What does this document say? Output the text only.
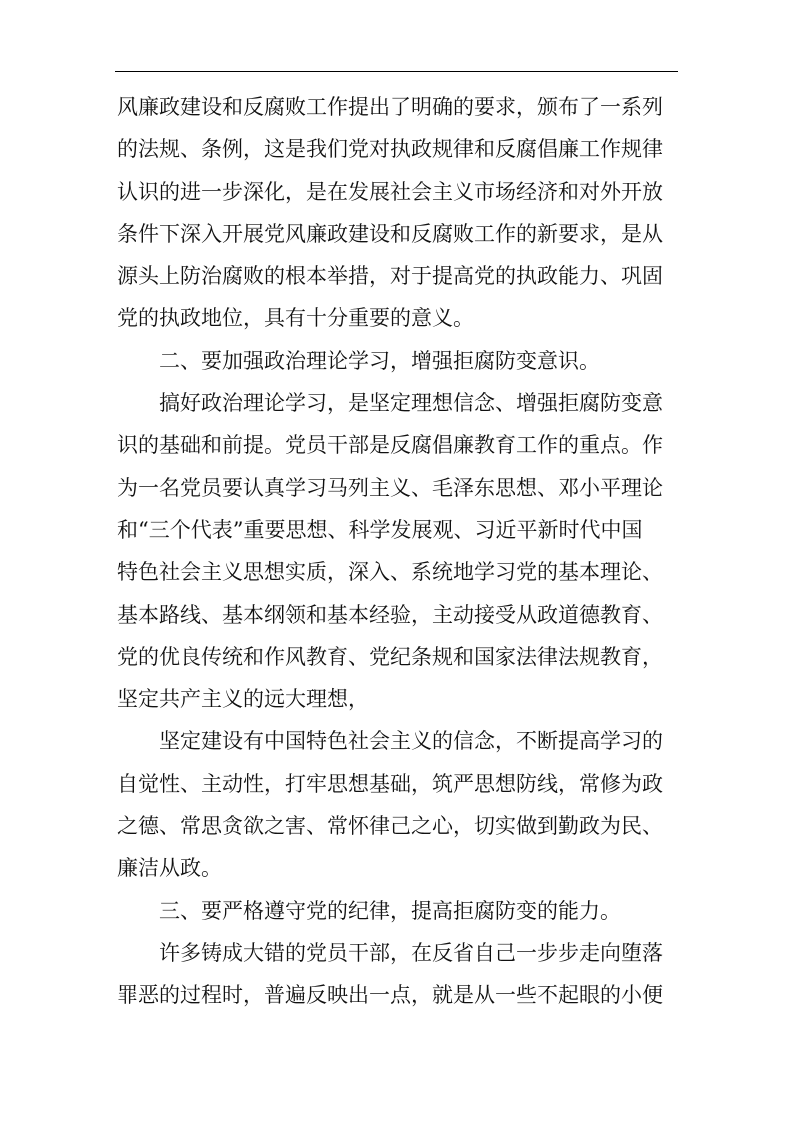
风廉政建设和反腐败工作提出了明确的要求，颁布了一系列
的法规、条例，这是我们党对执政规律和反腐倡廉工作规律
认识的进一步深化，是在发展社会主义市场经济和对外开放
条件下深入开展党风廉政建设和反腐败工作的新要求，是从
源头上防治腐败的根本举措，对于提高党的执政能力、巩固
党的执政地位，具有十分重要的意义。
二、要加强政治理论学习，增强拒腐防变意识。
搞好政治理论学习，是坚定理想信念、增强拒腐防变意
识的基础和前提。党员干部是反腐倡廉教育工作的重点。作
为一名党员要认真学习马列主义、毛泽东思想、邓小平理论
和“三个代表”重要思想、科学发展观、习近平新时代中国
特色社会主义思想实质，深入、系统地学习党的基本理论、
基本路线、基本纲领和基本经验，主动接受从政道德教育、
党的优良传统和作风教育、党纪条规和国家法律法规教育，
坚定共产主义的远大理想，
坚定建设有中国特色社会主义的信念，不断提高学习的
自觉性、主动性，打牢思想基础，筑严思想防线，常修为政
之德、常思贪欲之害、常怀律己之心，切实做到勤政为民、
廉洁从政。
三、要严格遵守党的纪律，提高拒腐防变的能力。
许多铸成大错的党员干部，在反省自己一步步走向堕落
罪恶的过程时，普遍反映出一点，就是从一些不起眼的小便
